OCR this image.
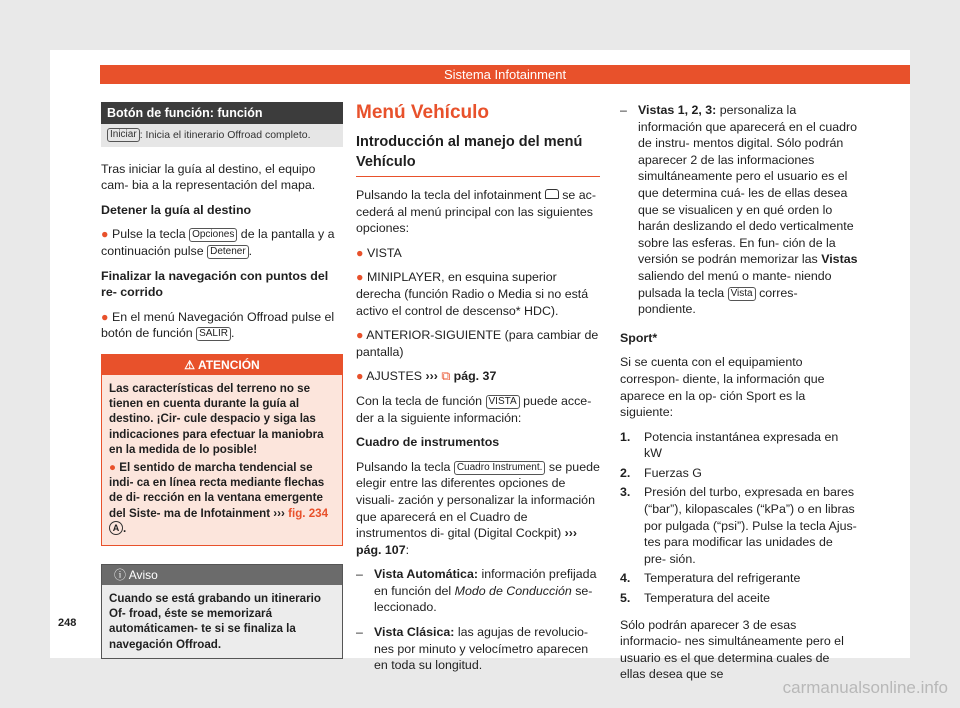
Sistema Infotainment
Botón de función: función
Iniciar : Inicia el itinerario Offroad completo.

Tras iniciar la guía al destino, el equipo cam- bia a la representación del mapa.

Detener la guía al destino

● Pulse la tecla Opciones de la pantalla y a continuación pulse Detener .

Finalizar la navegación con puntos del re- corrido

● En el menú Navegación Offroad pulse el botón de función SALIR .

⚠ ATENCIÓN

Las características del terreno no se tienen en cuenta durante la guía al destino. ¡Cir- cule despacio y siga las indicaciones para efectuar la maniobra en la medida de lo posible!

● El sentido de marcha tendencial se indi- ca en línea recta mediante flechas de di- rección en la ventana emergente del Siste- ma de Infotainment ››› fig. 234 A .

ⓘ Aviso
Cuando se está grabando un itinerario Of- froad, éste se memorizará automáticamen- te si se finaliza la navegación Offroad.
Menú Vehículo
Introducción al manejo del menú Vehículo

Pulsando la tecla del infotainment se ac- cederá al menú principal con las siguientes opciones:

● VISTA

● MINIPLAYER, en esquina superior derecha (función Radio o Media si no está activo el control de descenso* HDC).

● ANTERIOR-SIGUIENTE (para cambiar de pantalla)

● AJUSTES ››› ⧉ pág. 37

Con la tecla de función VISTA puede acce- der a la siguiente información:

Cuadro de instrumentos

Pulsando la tecla Cuadro Instrument. se puede elegir entre las diferentes opciones de visuali- zación y personalizar la información que aparecerá en el Cuadro de instrumentos di- gital (Digital Cockpit) ››› pág. 107:

– Vista Automática: información prefijada en función del Modo de Conducción se- leccionado.
– Vista Clásica: las agujas de revolucio- nes por minuto y velocímetro aparecen en toda su longitud.
– Vistas 1, 2, 3: personaliza la información que aparecerá en el cuadro de instru- mentos digital. Sólo podrán aparecer 2 de las informaciones simultáneamente pero el usuario es el que determina cuá- les de ellas desea que se visualicen y en qué orden lo harán deslizando el dedo verticalmente sobre las esferas. En fun- ción de la versión se podrán memorizar las Vistas saliendo del menú o mante- niendo pulsada la tecla Vista corres- pondiente.

Sport*

Si se cuenta con el equipamiento correspon- diente, la información que aparece en la op- ción Sport es la siguiente:

1. Potencia instantánea expresada en kW
2. Fuerzas G
3. Presión del turbo, expresada en bares (“bar”), kilopascales (“kPa”) o en libras por pulgada (“psi”). Pulse la tecla Ajus- tes para modificar las unidades de pre- sión.
4. Temperatura del refrigerante
5. Temperatura del aceite

Sólo podrán aparecer 3 de esas informacio- nes simultáneamente pero el usuario es el que determina cuales de ellas desea que se

248
carmanualsonline.info
